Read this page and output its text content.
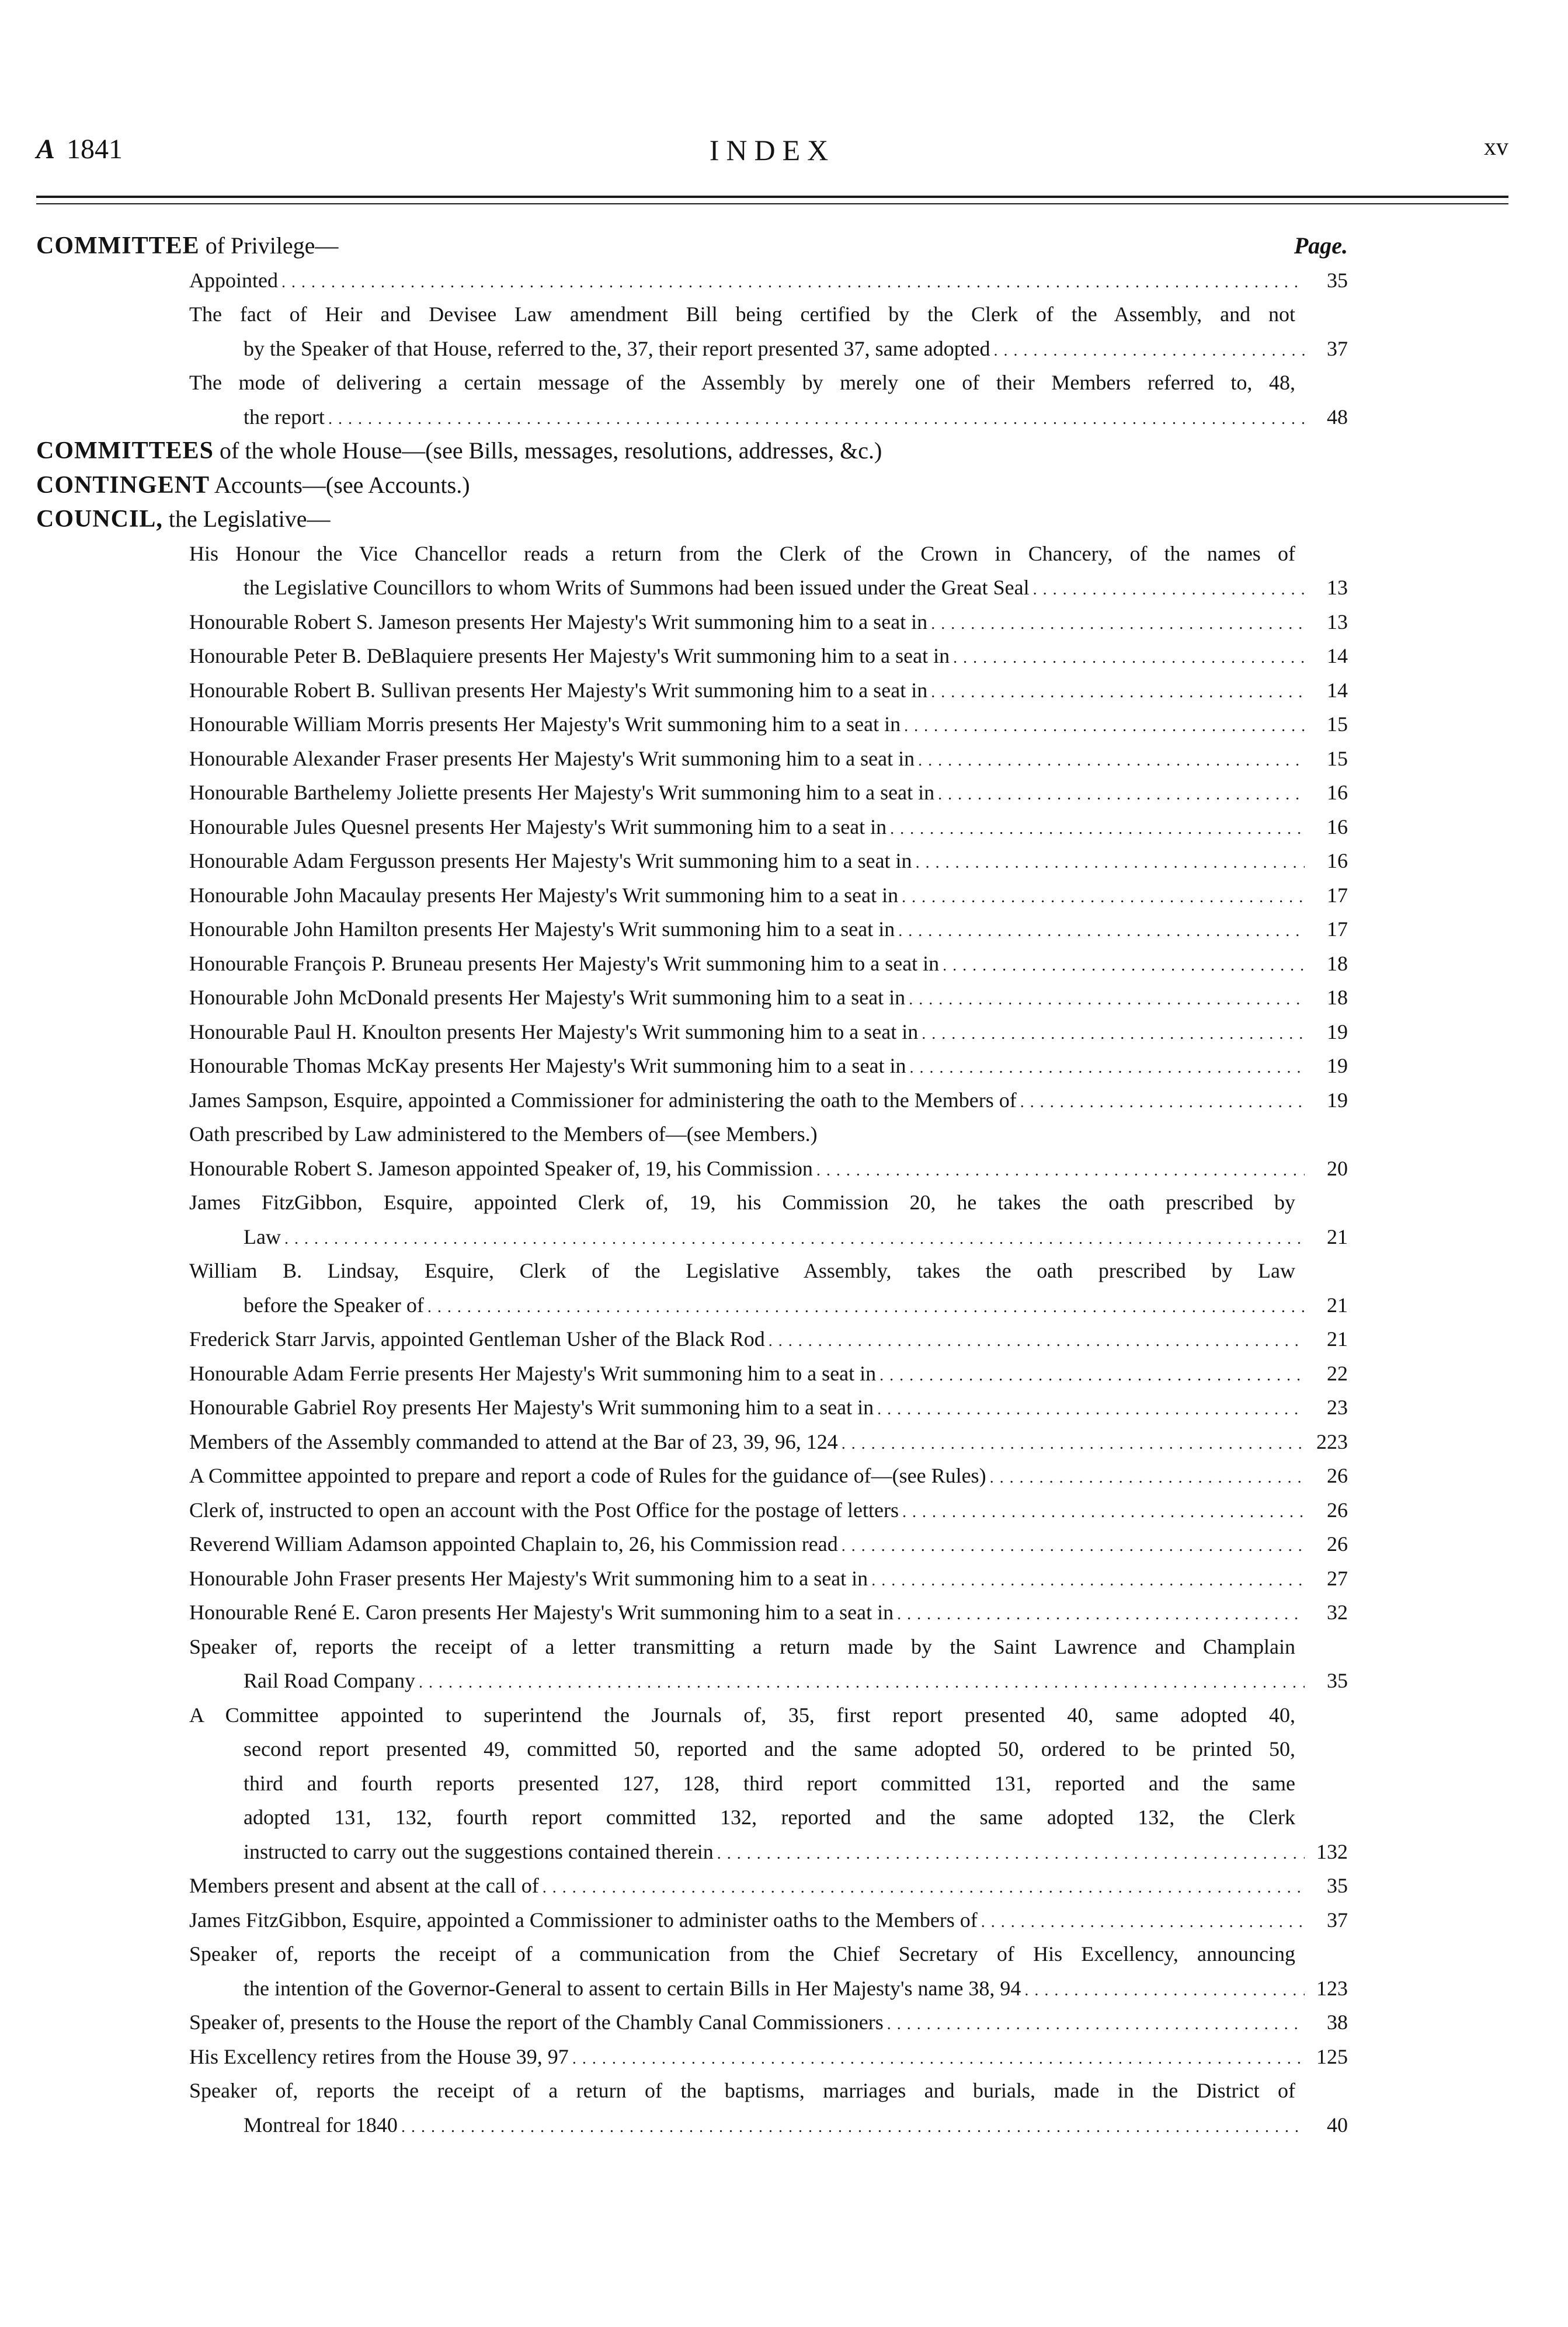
A 1841	INDEX	xv
COMMITTEE of Privilege—	Page.
Appointed .....	35
The fact of Heir and Devisee Law amendment Bill being certified by the Clerk of the Assembly, and not
by the Speaker of that House, referred to the, 37, their report presented 37, same adopted .....	37
The mode of delivering a certain message of the Assembly by merely one of their Members referred to, 48,
the report .....	48
COMMITTEES of the whole House—(see Bills, messages, resolutions, addresses, &c.)
CONTINGENT Accounts—(see Accounts.)
COUNCIL, the Legislative—
His Honour the Vice Chancellor reads a return from the Clerk of the Crown in Chancery, of the names of
the Legislative Councillors to whom Writs of Summons had been issued under the Great Seal .....	13
Honourable Robert S. Jameson presents Her Majesty's Writ summoning him to a seat in .....	13
Honourable Peter B. DeBlaquiere presents Her Majesty's Writ summoning him to a seat in .....	14
Honourable Robert B. Sullivan presents Her Majesty's Writ summoning him to a seat in .....	14
Honourable William Morris presents Her Majesty's Writ summoning him to a seat in .....	15
Honourable Alexander Fraser presents Her Majesty's Writ summoning him to a seat in .....	15
Honourable Barthelemy Joliette presents Her Majesty's Writ summoning him to a seat in .....	16
Honourable Jules Quesnel presents Her Majesty's Writ summoning him to a seat in .....	16
Honourable Adam Fergusson presents Her Majesty's Writ summoning him to a seat in .....	16
Honourable John Macaulay presents Her Majesty's Writ summoning him to a seat in .....	17
Honourable John Hamilton presents Her Majesty's Writ summoning him to a seat in .....	17
Honourable François P. Bruneau presents Her Majesty's Writ summoning him to a seat in .....	18
Honourable John McDonald presents Her Majesty's Writ summoning him to a seat in .....	18
Honourable Paul H. Knoulton presents Her Majesty's Writ summoning him to a seat in .....	19
Honourable Thomas McKay presents Her Majesty's Writ summoning him to a seat in .....	19
James Sampson, Esquire, appointed a Commissioner for administering the oath to the Members of .....	19
Oath prescribed by Law administered to the Members of—(see Members.)
Honourable Robert S. Jameson appointed Speaker of, 19, his Commission .....	20
James FitzGibbon, Esquire, appointed Clerk of, 19, his Commission 20, he takes the oath prescribed by
Law .....	21
William B. Lindsay, Esquire, Clerk of the Legislative Assembly, takes the oath prescribed by Law
before the Speaker of .....	21
Frederick Starr Jarvis, appointed Gentleman Usher of the Black Rod .....	21
Honourable Adam Ferrie presents Her Majesty's Writ summoning him to a seat in .....	22
Honourable Gabriel Roy presents Her Majesty's Writ summoning him to a seat in .....	23
Members of the Assembly commanded to attend at the Bar of 23, 39, 96, 124 .....	223
A Committee appointed to prepare and report a code of Rules for the guidance of—(see Rules) .....	26
Clerk of, instructed to open an account with the Post Office for the postage of letters .....	26
Reverend William Adamson appointed Chaplain to, 26, his Commission read .....	26
Honourable John Fraser presents Her Majesty's Writ summoning him to a seat in .....	27
Honourable René E. Caron presents Her Majesty's Writ summoning him to a seat in .....	32
Speaker of, reports the receipt of a letter transmitting a return made by the Saint Lawrence and Champlain
Rail Road Company .....	35
A Committee appointed to superintend the Journals of, 35, first report presented 40, same adopted 40,
second report presented 49, committed 50, reported and the same adopted 50, ordered to be printed 50,
third and fourth reports presented 127, 128, third report committed 131, reported and the same
adopted 131, 132, fourth report committed 132, reported and the same adopted 132, the Clerk
instructed to carry out the suggestions contained therein .....	132
Members present and absent at the call of .....	35
James FitzGibbon, Esquire, appointed a Commissioner to administer oaths to the Members of .....	37
Speaker of, reports the receipt of a communication from the Chief Secretary of His Excellency, announcing
the intention of the Governor-General to assent to certain Bills in Her Majesty's name 38, 94 .....	123
Speaker of, presents to the House the report of the Chambly Canal Commissioners .....	38
His Excellency retires from the House 39, 97 .....	125
Speaker of, reports the receipt of a return of the baptisms, marriages and burials, made in the District of
Montreal for 1840 .....	40
